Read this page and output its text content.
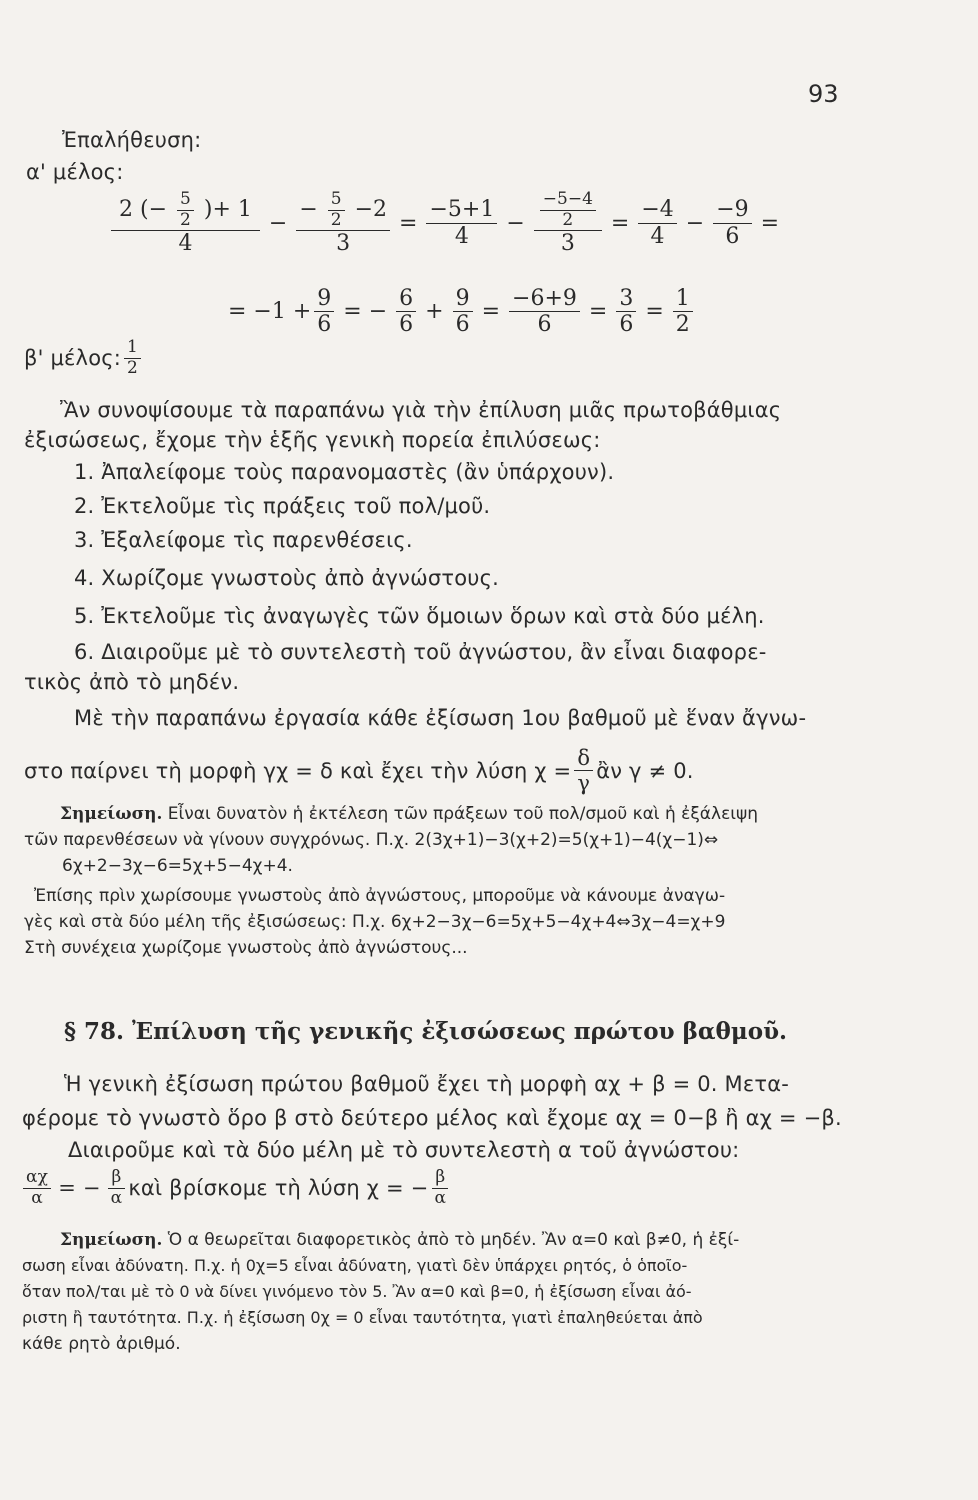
93
Ἐπαλήθευση:
α' μέλος:
$\frac{2 (- \frac{5}{2} )+ 1}{4} - \frac{- \frac{5}{2} -2}{3} = \frac{-5+1}{4} - \frac{\frac{-5-4}{2}}{3} = \frac{-4}{4} - \frac{-9}{6}$ =
= $-1 + \frac{9}{6}$ = − $\frac{6}{6} + \frac{9}{6} = \frac{-6+9}{6} = \frac{3}{6} = \frac{1}{2}$
β' μέλος: $\frac{1}{2}$
Ἂν συνοψίσουμε τὰ παραπάνω γιὰ τὴν ἐπίλυση μιᾶς πρωτοβάθμιας
ἐξισώσεως, ἔχομε τὴν ἑξῆς γενικὴ πορεία ἐπιλύσεως:
1. Ἀπαλείφομε τοὺς παρανομαστὲς (ἂν ὑπάρχουν).
2. Ἐκτελοῦμε τὶς πράξεις τοῦ πολ/μοῦ.
3. Ἐξαλείφομε τὶς παρενθέσεις.
4. Χωρίζομε γνωστοὺς ἀπὸ ἀγνώστους.
5. Ἐκτελοῦμε τὶς ἀναγωγὲς τῶν ὅμοιων ὅρων καὶ στὰ δύο μέλη.
6. Διαιροῦμε μὲ τὸ συντελεστὴ τοῦ ἀγνώστου, ἂν εἶναι διαφορε-
τικὸς ἀπὸ τὸ μηδέν.
Μὲ τὴν παραπάνω ἐργασία κάθε ἐξίσωση 1ου βαθμοῦ μὲ ἕναν ἄγνω-
στο παίρνει τὴ μορφὴ γχ = δ καὶ ἔχει τὴν λύση $\chi = \frac{\delta}{\gamma}$ ἂν γ ≠ 0.
Σημείωση. Εἶναι δυνατὸν ἡ ἐκτέλεση τῶν πράξεων τοῦ πολ/σμοῦ καὶ ἡ ἐξάλειψη
τῶν παρενθέσεων νὰ γίνουν συγχρόνως. Π.χ. 2(3χ+1)−3(χ+2)=5(χ+1)−4(χ−1)⇔
6χ+2−3χ−6=5χ+5−4χ+4.
Ἐπίσης πρὶν χωρίσουμε γνωστοὺς ἀπὸ ἀγνώστους, μποροῦμε νὰ κάνουμε ἀναγω-
γὲς καὶ στὰ δύο μέλη τῆς ἐξισώσεως: Π.χ. 6χ+2−3χ−6=5χ+5−4χ+4⇔3χ−4=χ+9
Στὴ συνέχεια χωρίζομε γνωστοὺς ἀπὸ ἀγνώστους...
§ 78. Ἐπίλυση τῆς γενικῆς ἐξισώσεως πρώτου βαθμοῦ.
Ἡ γενικὴ ἐξίσωση πρώτου βαθμοῦ ἔχει τὴ μορφὴ αχ + β = 0. Μετα-
φέρομε τὸ γνωστὸ ὅρο β στὸ δεύτερο μέλος καὶ ἔχομε αχ = 0−β ἢ αχ = −β.
Διαιροῦμε καὶ τὰ δύο μέλη μὲ τὸ συντελεστὴ α τοῦ ἀγνώστου:
$\frac{\alpha\chi}{\alpha}$ = − $\frac{\beta}{\alpha}$ καὶ βρίσκομε τὴ λύση χ = − $\frac{\beta}{\alpha}$
Σημείωση. Ὁ α θεωρεῖται διαφορετικὸς ἀπὸ τὸ μηδέν. Ἂν α=0 καὶ β≠0, ἡ ἐξί-
σωση εἶναι ἀδύνατη. Π.χ. ἡ 0χ=5 εἶναι ἀδύνατη, γιατὶ δὲν ὑπάρχει ρητός, ὁ ὁποῖο-
ὅταν πολ/ται μὲ τὸ 0 νὰ δίνει γινόμενο τὸν 5. Ἂν α=0 καὶ β=0, ἡ ἐξίσωση εἶναι ἀό-
ριστη ἢ ταυτότητα. Π.χ. ἡ ἐξίσωση 0χ = 0 εἶναι ταυτότητα, γιατὶ ἐπαληθεύεται ἀπὸ
κάθε ρητὸ ἀριθμό.
